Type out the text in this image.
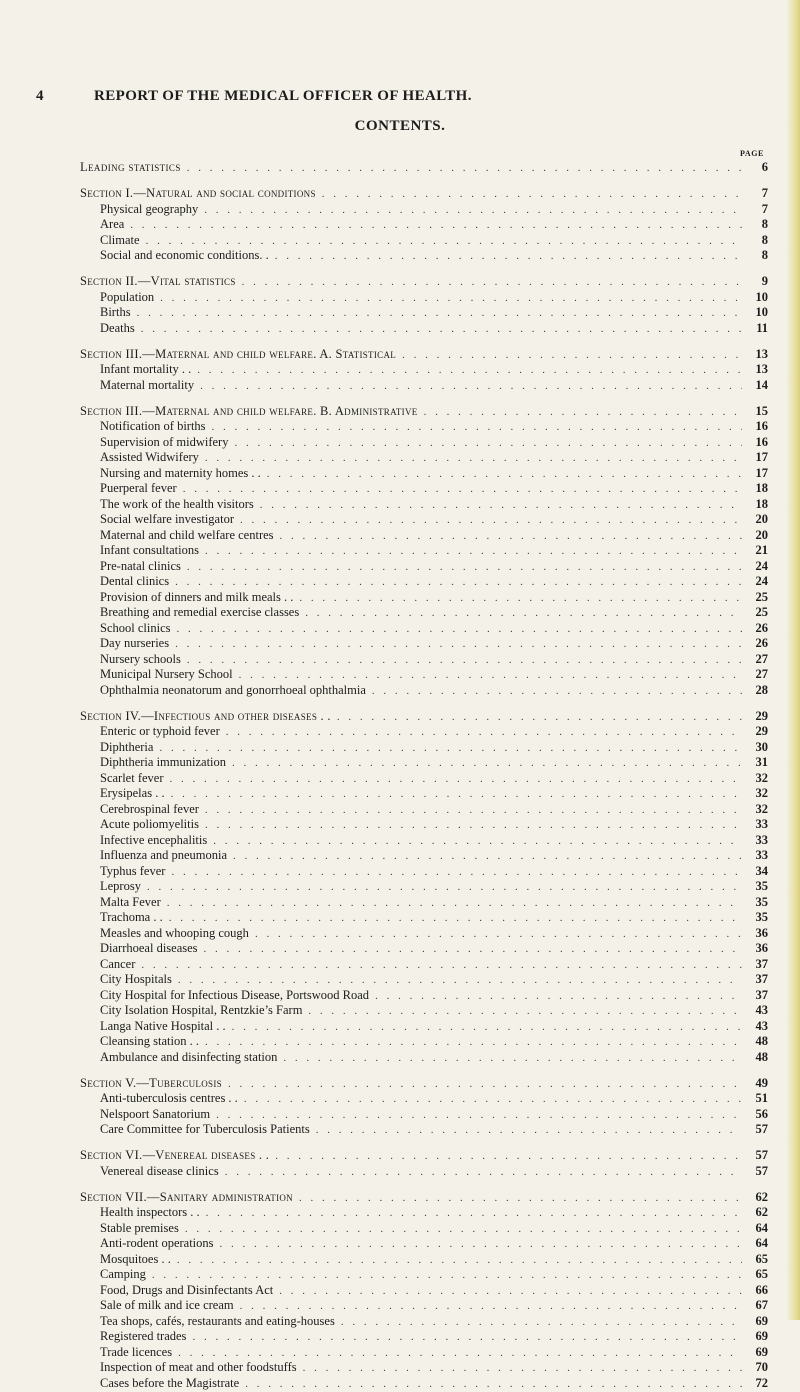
4	REPORT OF THE MEDICAL OFFICER OF HEALTH.
CONTENTS.
PAGE
Leading statistics . . .	6
Section I.—Natural and social conditions . . .	7
Physical geography . . .	7
Area . . .	8
Climate . . .	8
Social and economic conditions. . . . .	8
Section II.—Vital statistics . . .	9
Population . . .	10
Births . . .	10
Deaths . . .	11
Section III.—Maternal and child welfare. A. Statistical . . .	13
Infant mortality . . . . .	13
Maternal mortality . . .	14
Section III.—Maternal and child welfare. B. Administrative . . .	15
Notification of births . . .	16
Supervision of midwifery . . .	16
Assisted Widwifery . . .	17
Nursing and maternity homes . . . . .	17
Puerperal fever . . .	18
The work of the health visitors . . .	18
Social welfare investigator . . .	20
Maternal and child welfare centres . . .	20
Infant consultations . . .	21
Pre-natal clinics . . .	24
Dental clinics . . .	24
Provision of dinners and milk meals . . . . .	25
Breathing and remedial exercise classes . . .	25
School clinics . . .	26
Day nurseries . . .	26
Nursery schools . . .	27
Municipal Nursery School . . .	27
Ophthalmia neonatorum and gonorrhoeal ophthalmia . . .	28
Section IV.—Infectious and other diseases . . . . .	29
Enteric or typhoid fever . . .	29
Diphtheria . . .	30
Diphtheria immunization . . .	31
Scarlet fever . . .	32
Erysipelas . . . . .	32
Cerebrospinal fever . . .	32
Acute poliomyelitis . . .	33
Infective encephalitis . . .	33
Influenza and pneumonia . . .	33
Typhus fever . . .	34
Leprosy . . .	35
Malta Fever . . .	35
Trachoma . . . . .	35
Measles and whooping cough . . .	36
Diarrhoeal diseases . . .	36
Cancer . . .	37
City Hospitals . . .	37
City Hospital for Infectious Disease, Portswood Road . . .	37
City Isolation Hospital, Rentzkie’s Farm . . .	43
Langa Native Hospital . . . . .	43
Cleansing station . . . . .	48
Ambulance and disinfecting station . . .	48
Section V.—Tuberculosis . . .	49
Anti-tuberculosis centres . . . . .	51
Nelspoort Sanatorium . . .	56
Care Committee for Tuberculosis Patients . . .	57
Section VI.—Venereal diseases . . . . .	57
Venereal disease clinics . . .	57
Section VII.—Sanitary administration . . .	62
Health inspectors . . . . .	62
Stable premises . . .	64
Anti-rodent operations . . .	64
Mosquitoes . . . . .	65
Camping . . .	65
Food, Drugs and Disinfectants Act . . .	66
Sale of milk and ice cream . . .	67
Tea shops, cafés, restaurants and eating-houses . . .	69
Registered trades . . .	69
Trade licences . . .	69
Inspection of meat and other foodstuffs . . .	70
Cases before the Magistrate . . .	72
